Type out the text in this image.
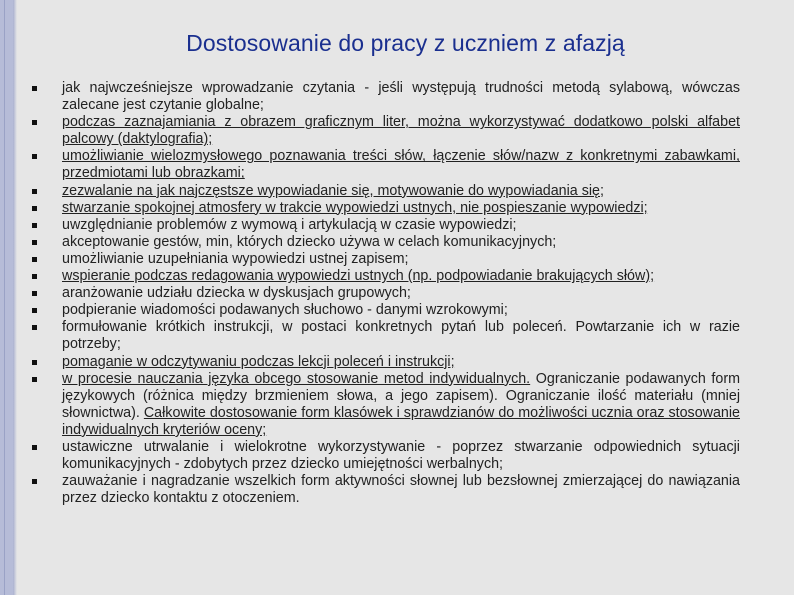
Dostosowanie do pracy z uczniem z afazją
jak najwcześniejsze wprowadzanie czytania - jeśli występują trudności metodą sylabową, wówczas zalecane jest czytanie globalne;
podczas zaznajamiania z obrazem graficznym liter, można wykorzystywać dodatkowo polski alfabet palcowy (daktylografia);
umożliwianie wielozmysłowego poznawania treści słów, łączenie słów/nazw z konkretnymi zabawkami, przedmiotami lub obrazkami;
zezwalanie na jak najczęstsze wypowiadanie się, motywowanie do wypowiadania się;
stwarzanie spokojnej atmosfery w trakcie wypowiedzi ustnych, nie pospieszanie wypowiedzi;
uwzględnianie problemów z wymową i artykulacją w czasie wypowiedzi;
akceptowanie gestów, min, których dziecko używa w celach komunikacyjnych;
umożliwianie uzupełniania wypowiedzi ustnej zapisem;
wspieranie podczas redagowania wypowiedzi ustnych (np. podpowiadanie brakujących słów);
aranżowanie udziału dziecka w dyskusjach grupowych;
podpieranie wiadomości podawanych słuchowo - danymi wzrokowymi;
formułowanie krótkich instrukcji, w postaci konkretnych pytań lub poleceń. Powtarzanie ich w razie potrzeby;
pomaganie w odczytywaniu podczas lekcji poleceń i instrukcji;
w procesie nauczania języka obcego stosowanie metod indywidualnych. Ograniczanie podawanych form językowych (różnica między brzmieniem słowa, a jego zapisem). Ograniczanie ilość materiału (mniej słownictwa). Całkowite dostosowanie form klasówek i sprawdzianów do możliwości ucznia oraz stosowanie indywidualnych kryteriów oceny;
ustawiczne utrwalanie i wielokrotne wykorzystywanie - poprzez stwarzanie odpowiednich sytuacji komunikacyjnych - zdobytych przez dziecko umiejętności werbalnych;
zauważanie i nagradzanie wszelkich form aktywności słownej lub bezsłownej zmierzającej do nawiązania przez dziecko kontaktu z otoczeniem.
